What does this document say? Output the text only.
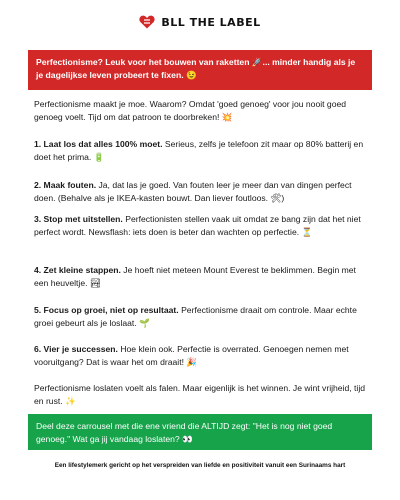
BLL THE LABEL
Perfectionisme? Leuk voor het bouwen van raketten 🚀... minder handig als je je dagelijkse leven probeert te fixen. 😉
Perfectionisme maakt je moe. Waarom? Omdat 'goed genoeg' voor jou nooit goed genoeg voelt. Tijd om dat patroon te doorbreken! 💥
1. Laat los dat alles 100% moet. Serieus, zelfs je telefoon zit maar op 80% batterij en doet het prima. 🔋
2. Maak fouten. Ja, dat las je goed. Van fouten leer je meer dan van dingen perfect doen. (Behalve als je IKEA-kasten bouwt. Dan liever foutloos. 🛠)
3. Stop met uitstellen. Perfectionisten stellen vaak uit omdat ze bang zijn dat het niet perfect wordt. Newsflash: iets doen is beter dan wachten op perfectie. ⏳
4. Zet kleine stappen. Je hoeft niet meteen Mount Everest te beklimmen. Begin met een heuveltje. 🏞
5. Focus op groei, niet op resultaat. Perfectionisme draait om controle. Maar echte groei gebeurt als je loslaat. 🌱
6. Vier je successen. Hoe klein ook. Perfectie is overrated. Genoegen nemen met vooruitgang? Dat is waar het om draait! 🎉
Perfectionisme loslaten voelt als falen. Maar eigenlijk is het winnen. Je wint vrijheid, tijd en rust. ✨
Deel deze carrousel met die ene vriend die ALTIJD zegt: "Het is nog niet goed genoeg." Wat ga jij vandaag loslaten? 👀
Een lifestylemerk gericht op het verspreiden van liefde en positiviteit vanuit een Surinaams hart
